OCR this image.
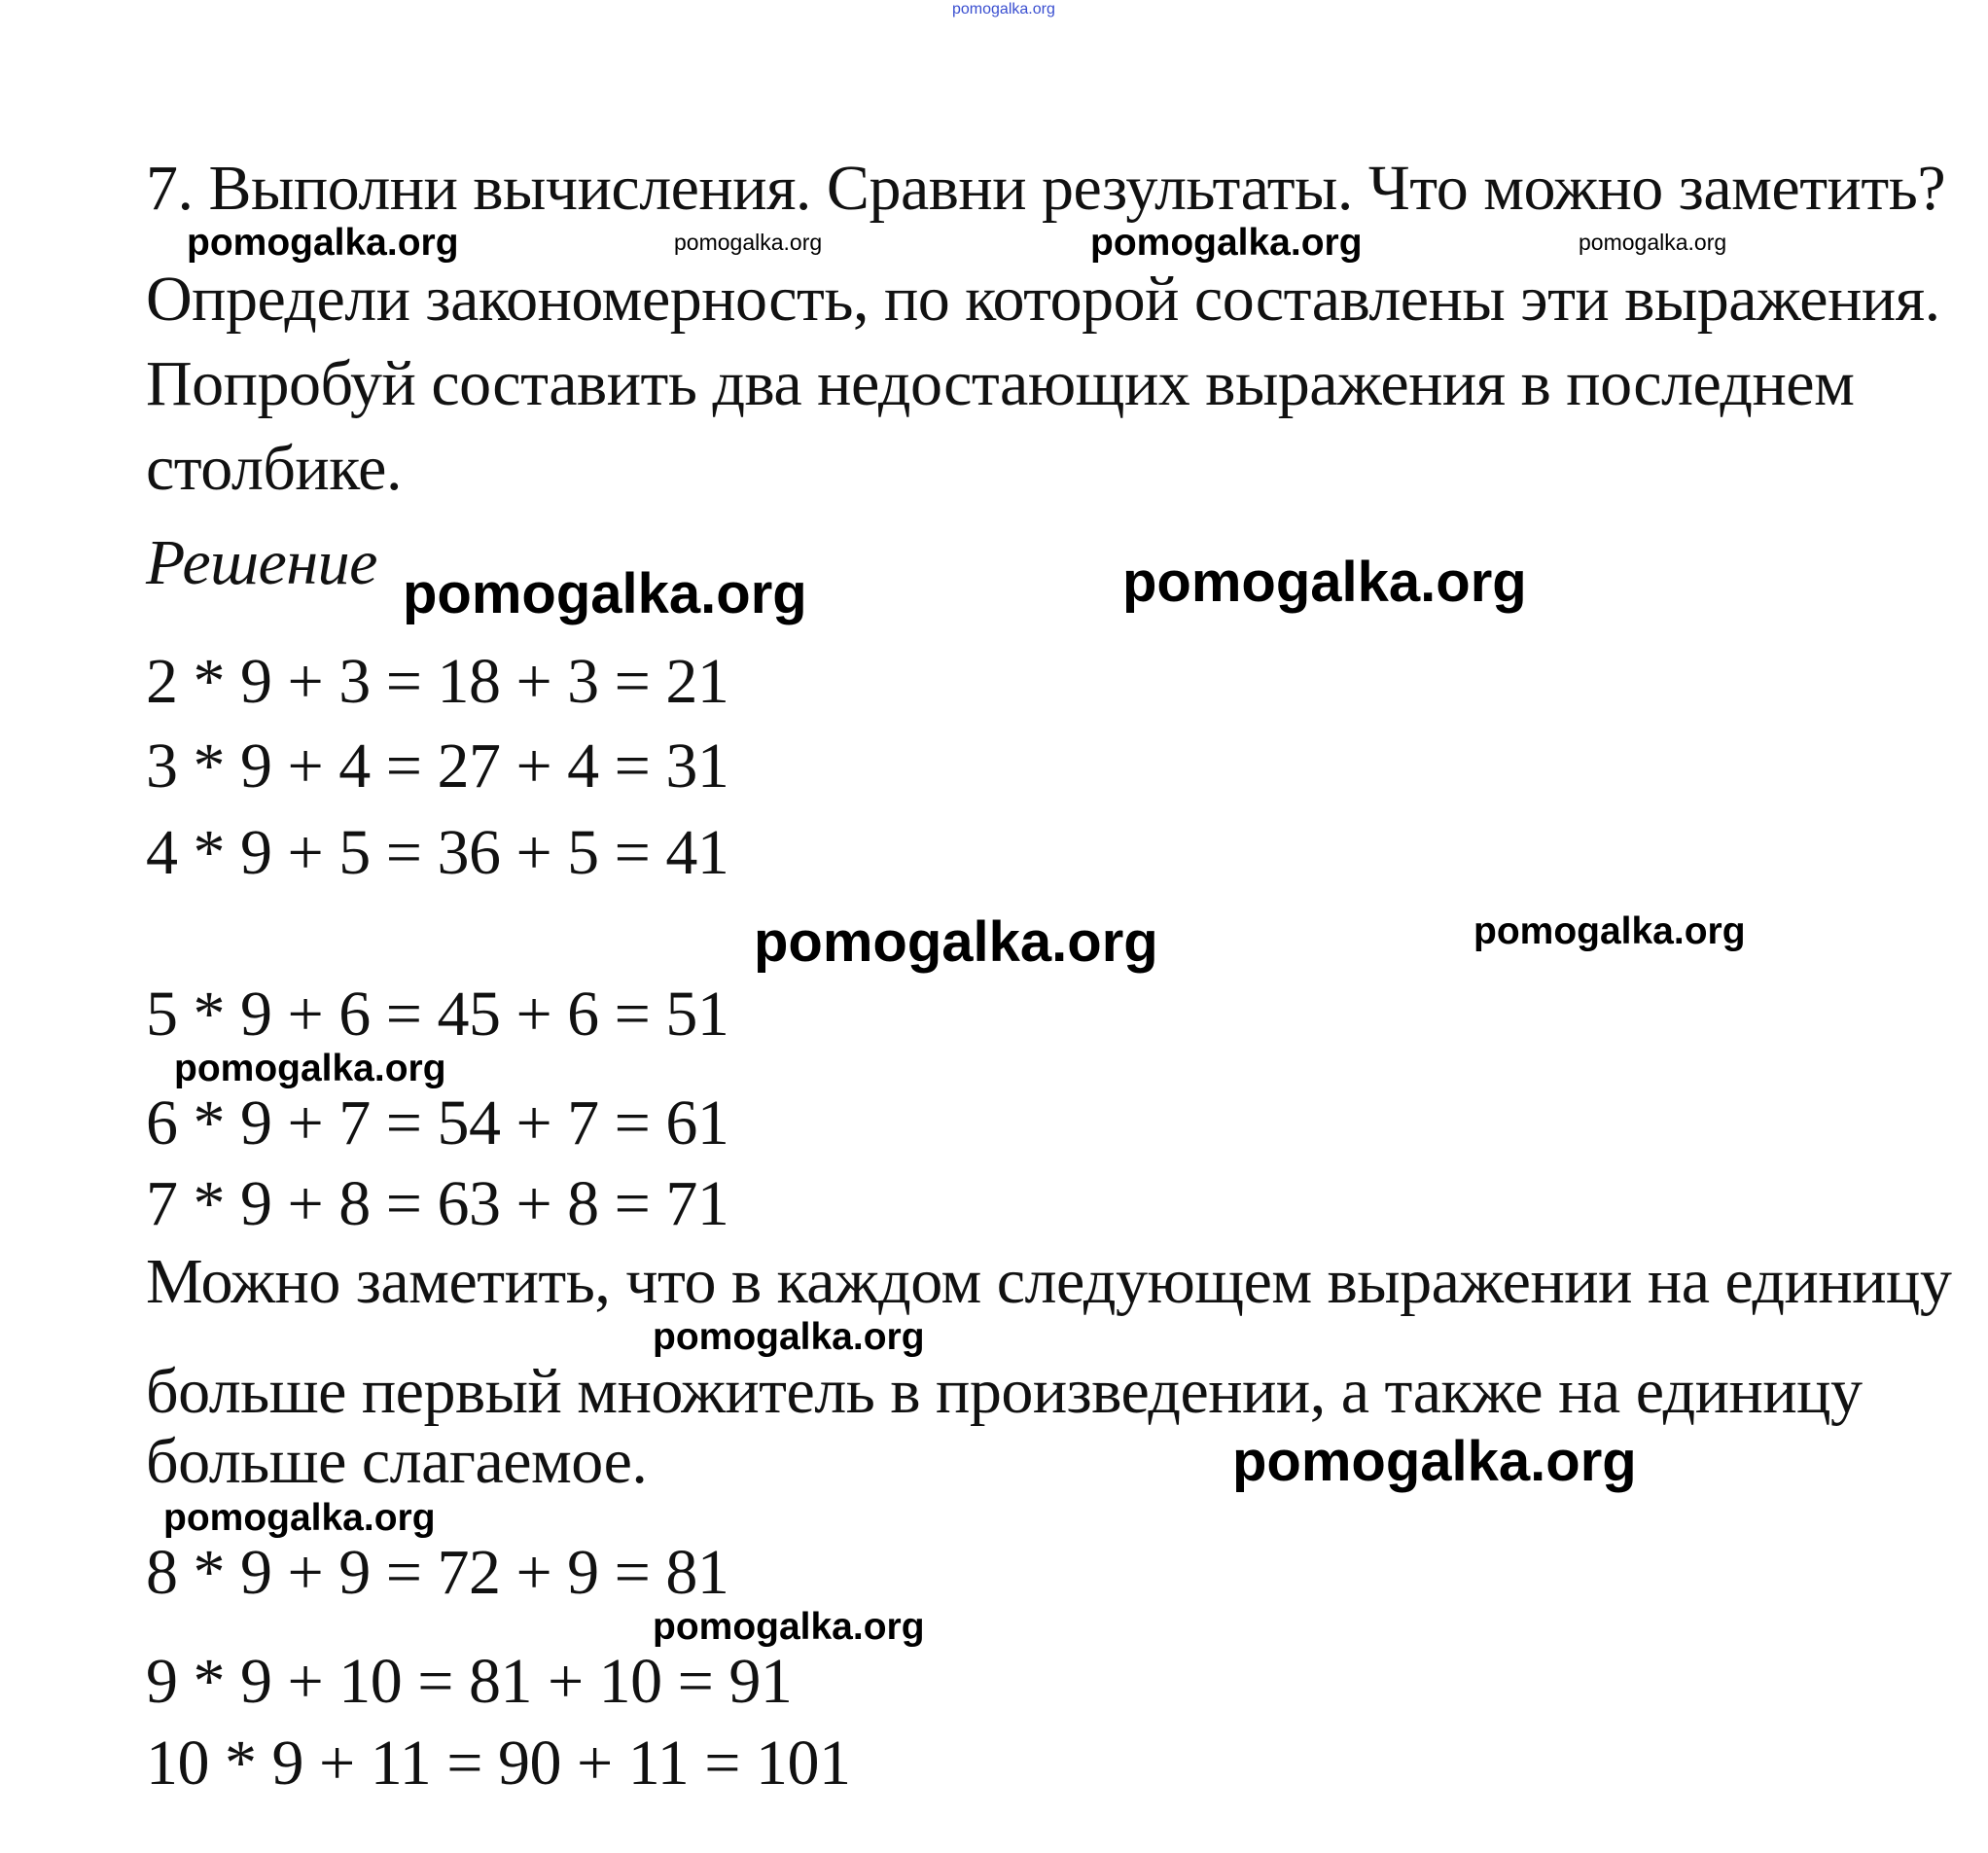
7. Выполни вычисления. Сравни результаты. Что можно заметить?
Определи закономерность, по которой составлены эти выражения.
Попробуй составить два недостающих выражения в последнем
столбике.
Решение
2 * 9 + 3 = 18 + 3 = 21
3 * 9 + 4 = 27 + 4 = 31
4 * 9 + 5 = 36 + 5 = 41
5 * 9 + 6 = 45 + 6 = 51
6 * 9 + 7 = 54 + 7 = 61
7 * 9 + 8 = 63 + 8 = 71
Можно заметить, что в каждом следующем выражении на единицу
больше первый множитель в произведении, а также на единицу
больше слагаемое.
8 * 9 + 9 = 72 + 9 = 81
9 * 9 + 10 = 81 + 10 = 91
10 * 9 + 11 = 90 + 11 = 101
pomogalka.org
pomogalka.org	pomogalka.org	pomogalka.org	pomogalka.org
pomogalka.org	pomogalka.org
pomogalka.org	pomogalka.org
pomogalka.org
pomogalka.org
pomogalka.org
pomogalka.org
pomogalka.org
